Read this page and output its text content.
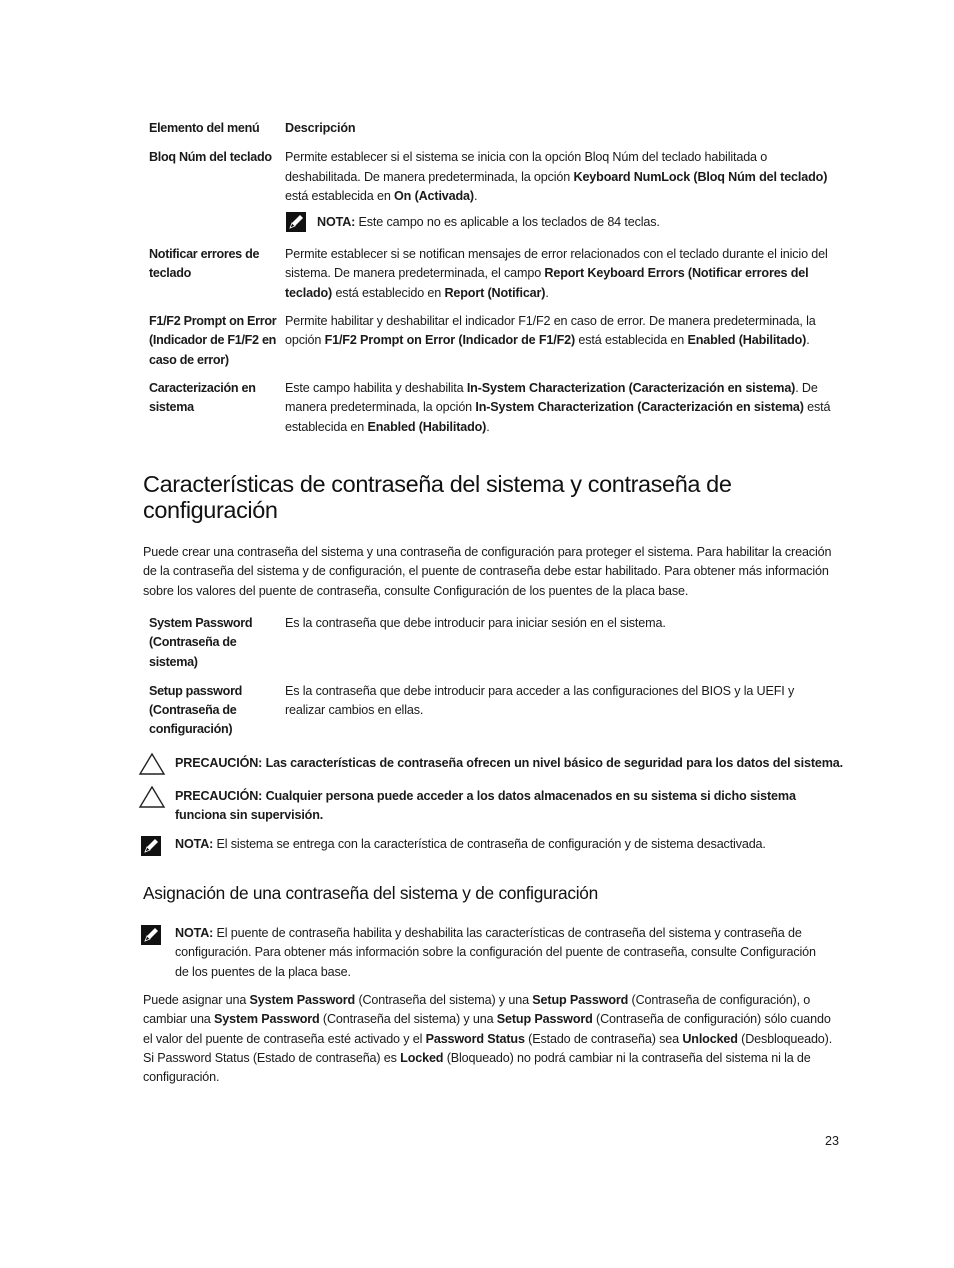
Elemento del menú	Descripción
Bloq Núm del teclado	Permite establecer si el sistema se inicia con la opción Bloq Núm del teclado habilitada o deshabilitada. De manera predeterminada, la opción Keyboard NumLock (Bloq Núm del teclado) está establecida en On (Activada).
NOTA: Este campo no es aplicable a los teclados de 84 teclas.
Notificar errores de teclado
Permite establecer si se notifican mensajes de error relacionados con el teclado durante el inicio del sistema. De manera predeterminada, el campo Report Keyboard Errors (Notificar errores del teclado) está establecido en Report (Notificar).
F1/F2 Prompt on Error (Indicador de F1/F2 en caso de error)
Permite habilitar y deshabilitar el indicador F1/F2 en caso de error. De manera predeterminada, la opción F1/F2 Prompt on Error (Indicador de F1/F2) está establecida en Enabled (Habilitado).
Caracterización en sistema
Este campo habilita y deshabilita In-System Characterization (Caracterización en sistema). De manera predeterminada, la opción In-System Characterization (Caracterización en sistema) está establecida en Enabled (Habilitado).
Características de contraseña del sistema y contraseña de configuración

Puede crear una contraseña del sistema y una contraseña de configuración para proteger el sistema. Para habilitar la creación de la contraseña del sistema y de configuración, el puente de contraseña debe estar habilitado. Para obtener más información sobre los valores del puente de contraseña, consulte Configuración de los puentes de la placa base.

System Password (Contraseña de sistema)
Es la contraseña que debe introducir para iniciar sesión en el sistema.
Setup password (Contraseña de configuración)
Es la contraseña que debe introducir para acceder a las configuraciones del BIOS y la UEFI y realizar cambios en ellas.
PRECAUCIÓN: Las características de contraseña ofrecen un nivel básico de seguridad para los datos del sistema.
PRECAUCIÓN: Cualquier persona puede acceder a los datos almacenados en su sistema si dicho sistema funciona sin supervisión.
NOTA: El sistema se entrega con la característica de contraseña de configuración y de sistema desactivada.
Asignación de una contraseña del sistema y de configuración
NOTA: El puente de contraseña habilita y deshabilita las características de contraseña del sistema y contraseña de configuración. Para obtener más información sobre la configuración del puente de contraseña, consulte Configuración de los puentes de la placa base.

Puede asignar una System Password (Contraseña del sistema) y una Setup Password (Contraseña de configuración), o cambiar una System Password (Contraseña del sistema) y una Setup Password (Contraseña de configuración) sólo cuando el valor del puente de contraseña esté activado y el Password Status (Estado de contraseña) sea Unlocked (Desbloqueado). Si Password Status (Estado de contraseña) es Locked (Bloqueado) no podrá cambiar ni la contraseña del sistema ni la de configuración.

23
